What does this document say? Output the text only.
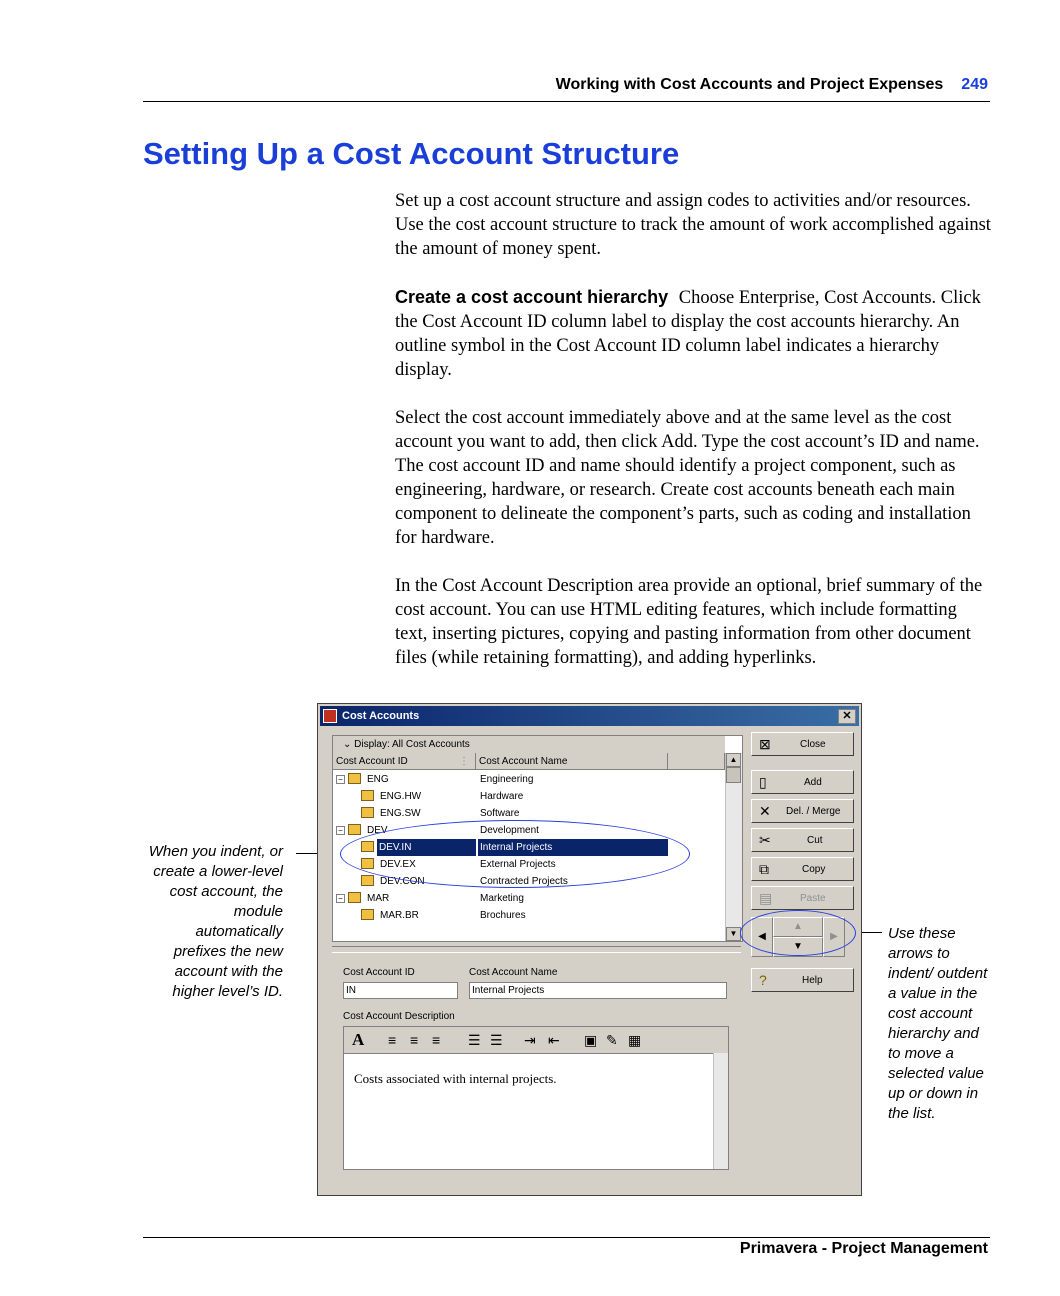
Working with Cost Accounts and Project Expenses 249
Setting Up a Cost Account Structure

Set up a cost account structure and assign codes to activities and/or resources. Use the cost account structure to track the amount of work accomplished against the amount of money spent.

Create a cost account hierarchy Choose Enterprise, Cost Accounts. Click the Cost Account ID column label to display the cost accounts hierarchy. An outline symbol in the Cost Account ID column label indicates a hierarchy display.

Select the cost account immediately above and at the same level as the cost account you want to add, then click Add. Type the cost account’s ID and name. The cost account ID and name should identify a project component, such as engineering, hardware, or research. Create cost accounts beneath each main component to delineate the component’s parts, such as coding and installation for hardware.

In the Cost Account Description area provide an optional, brief summary of the cost account. You can use HTML editing features, which include formatting text, inserting pictures, copying and pasting information from other document files (while retaining formatting), and adding hyperlinks.

When you indent, or create a lower-level cost account, the module automatically prefixes the new account with the higher level’s ID.
Use these arrows to indent/ outdent a value in the cost account hierarchy and to move a selected value up or down in the list.
Cost Accounts	✕
⌄ Display: All Cost Accounts
Cost Account ID	⋮	Cost Account Name
− ENG	Engineering
ENG.HW	Hardware
ENG.SW	Software
− DEV	Development
DEV.IN	Internal Projects
DEV.EX	External Projects
DEV.CON	Contracted Projects
− MAR	Marketing
MAR.BR	Brochures
▲
▼
Cost Account ID
IN
Cost Account Name
Internal Projects
Cost Account Description
A ≡ ≡ ≡ ☰ ☰ ⇥ ⇤ ▣ ✎ ▦
Costs associated with internal projects.
⊠	Close
▯	Add
✕ Del. / Merge
✂	Cut
⧉	Copy
▤	Paste
◀
▲
▼
▶
?	Help
Primavera - Project Management
